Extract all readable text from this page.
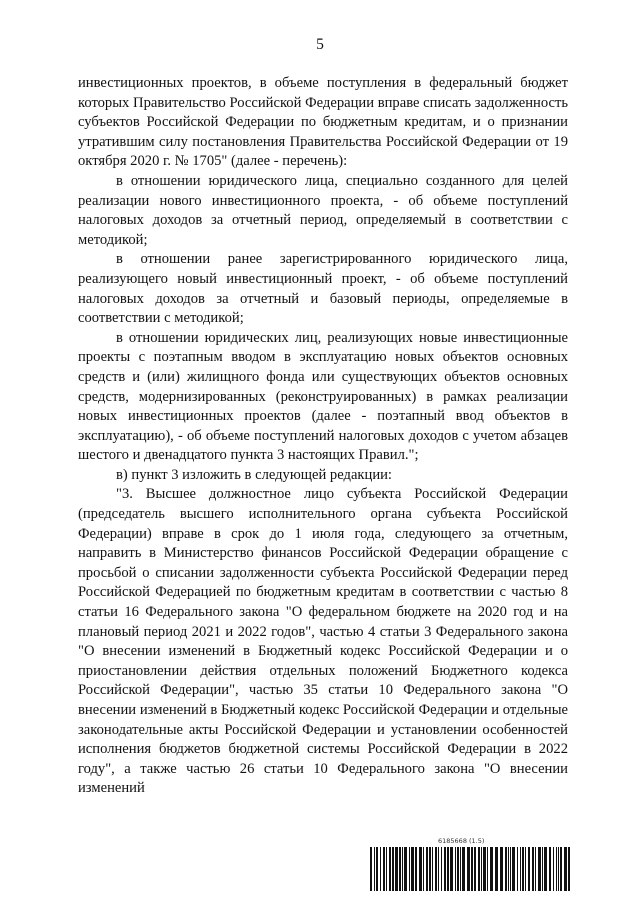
5

инвестиционных проектов, в объеме поступления в федеральный бюджет которых Правительство Российской Федерации вправе списать задолженность субъектов Российской Федерации по бюджетным кредитам, и о признании утратившим силу постановления Правительства Российской Федерации от 19 октября 2020 г. № 1705" (далее - перечень):

в отношении юридического лица, специально созданного для целей реализации нового инвестиционного проекта, - об объеме поступлений налоговых доходов за отчетный период, определяемый в соответствии с методикой;

в отношении ранее зарегистрированного юридического лица, реализующего новый инвестиционный проект, - об объеме поступлений налоговых доходов за отчетный и базовый периоды, определяемые в соответствии с методикой;

в отношении юридических лиц, реализующих новые инвестиционные проекты с поэтапным вводом в эксплуатацию новых объектов основных средств и (или) жилищного фонда или существующих объектов основных средств, модернизированных (реконструированных) в рамках реализации новых инвестиционных проектов (далее - поэтапный ввод объектов в эксплуатацию), - об объеме поступлений налоговых доходов с учетом абзацев шестого и двенадцатого пункта 3 настоящих Правил.";

в) пункт 3 изложить в следующей редакции:

"3. Высшее должностное лицо субъекта Российской Федерации (председатель высшего исполнительного органа субъекта Российской Федерации) вправе в срок до 1 июля года, следующего за отчетным, направить в Министерство финансов Российской Федерации обращение с просьбой о списании задолженности субъекта Российской Федерации перед Российской Федерацией по бюджетным кредитам в соответствии с частью 8 статьи 16 Федерального закона "О федеральном бюджете на 2020 год и на плановый период 2021 и 2022 годов", частью 4 статьи 3 Федерального закона "О внесении изменений в Бюджетный кодекс Российской Федерации и о приостановлении действия отдельных положений Бюджетного кодекса Российской Федерации", частью 35 статьи 10 Федерального закона "О внесении изменений в Бюджетный кодекс Российской Федерации и отдельные законодательные акты Российской Федерации и установлении особенностей исполнения бюджетов бюджетной системы Российской Федерации в 2022 году", а также частью 26 статьи 10 Федерального закона "О внесении изменений

6185668 (1.5)
